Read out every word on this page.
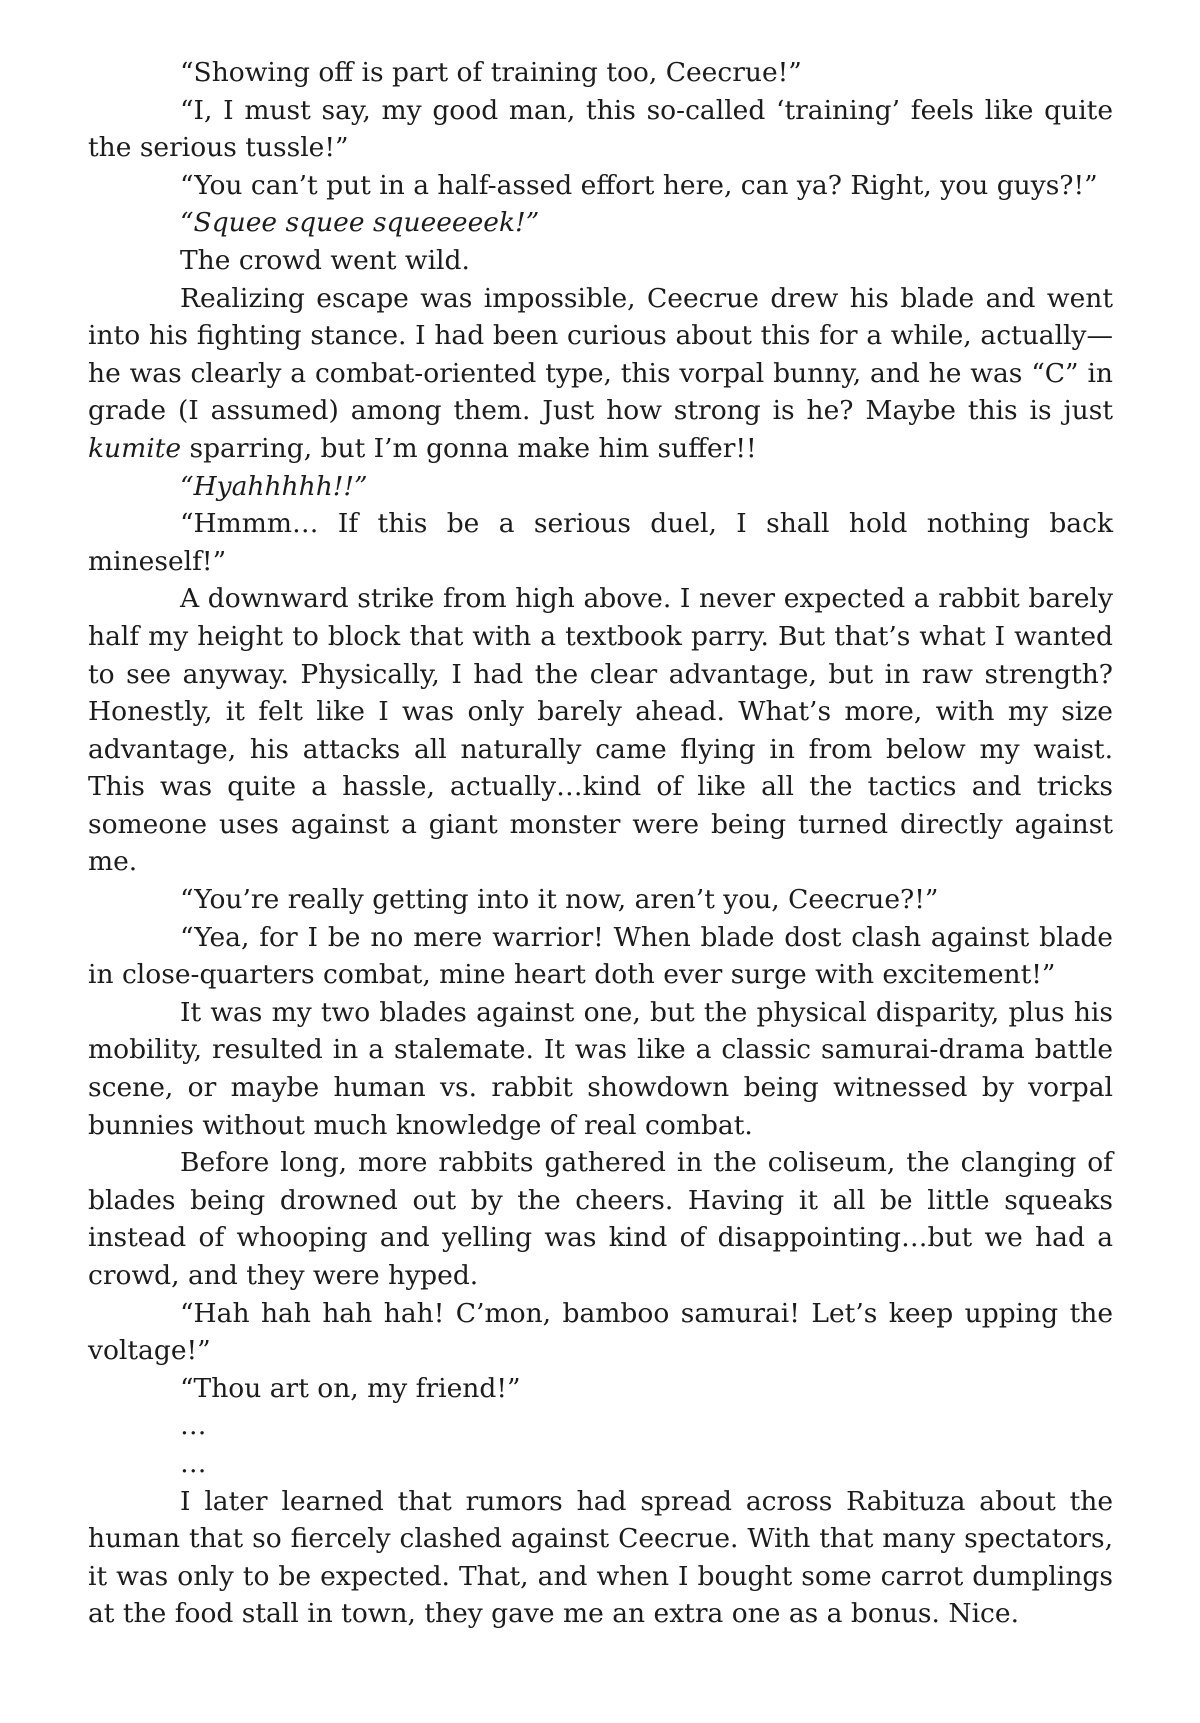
“Showing off is part of training too, Ceecrue!”

“I, I must say, my good man, this so-called ‘training’ feels like quite the serious tussle!”

“You can’t put in a half-assed effort here, can ya? Right, you guys?!”

“Squee squee squeeeeek!”

The crowd went wild.

Realizing escape was impossible, Ceecrue drew his blade and went into his fighting stance. I had been curious about this for a while, actually—he was clearly a combat-oriented type, this vorpal bunny, and he was “C” in grade (I assumed) among them. Just how strong is he? Maybe this is just kumite sparring, but I’m gonna make him suffer!!

“Hyahhhhh!!”

“Hmmm… If this be a serious duel, I shall hold nothing back mineself!”

A downward strike from high above. I never expected a rabbit barely half my height to block that with a textbook parry. But that’s what I wanted to see anyway. Physically, I had the clear advantage, but in raw strength? Honestly, it felt like I was only barely ahead. What’s more, with my size advantage, his attacks all naturally came flying in from below my waist. This was quite a hassle, actually…kind of like all the tactics and tricks someone uses against a giant monster were being turned directly against me.

“You’re really getting into it now, aren’t you, Ceecrue?!”

“Yea, for I be no mere warrior! When blade dost clash against blade in close-quarters combat, mine heart doth ever surge with excitement!”

It was my two blades against one, but the physical disparity, plus his mobility, resulted in a stalemate. It was like a classic samurai-drama battle scene, or maybe human vs. rabbit showdown being witnessed by vorpal bunnies without much knowledge of real combat.

Before long, more rabbits gathered in the coliseum, the clanging of blades being drowned out by the cheers. Having it all be little squeaks instead of whooping and yelling was kind of disappointing…but we had a crowd, and they were hyped.

“Hah hah hah hah! C’mon, bamboo samurai! Let’s keep upping the voltage!”

“Thou art on, my friend!”

…

…

I later learned that rumors had spread across Rabituza about the human that so fiercely clashed against Ceecrue. With that many spectators, it was only to be expected. That, and when I bought some carrot dumplings at the food stall in town, they gave me an extra one as a bonus. Nice.
